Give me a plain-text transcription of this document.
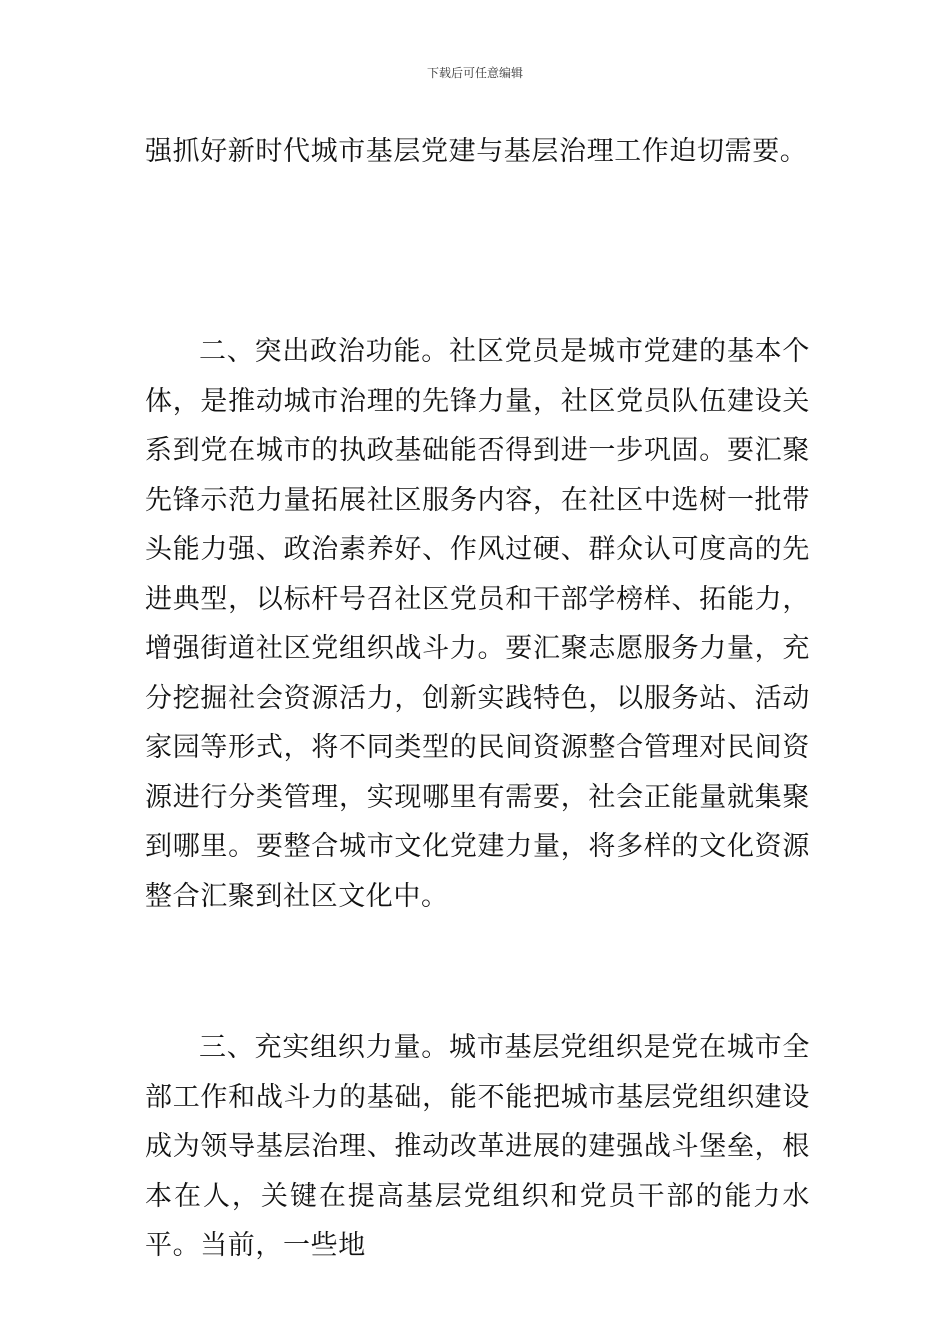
下载后可任意编辑

强抓好新时代城市基层党建与基层治理工作迫切需要。

二、突出政治功能。社区党员是城市党建的基本个体，是推动城市治理的先锋力量，社区党员队伍建设关系到党在城市的执政基础能否得到进一步巩固。要汇聚先锋示范力量拓展社区服务内容，在社区中选树一批带头能力强、政治素养好、作风过硬、群众认可度高的先进典型，以标杆号召社区党员和干部学榜样、拓能力，增强街道社区党组织战斗力。要汇聚志愿服务力量，充分挖掘社会资源活力，创新实践特色，以服务站、活动家园等形式，将不同类型的民间资源整合管理对民间资源进行分类管理，实现哪里有需要，社会正能量就集聚到哪里。要整合城市文化党建力量，将多样的文化资源整合汇聚到社区文化中。

三、充实组织力量。城市基层党组织是党在城市全部工作和战斗力的基础，能不能把城市基层党组织建设成为领导基层治理、推动改革进展的建强战斗堡垒，根本在人，关键在提高基层党组织和党员干部的能力水平。当前，一些地
